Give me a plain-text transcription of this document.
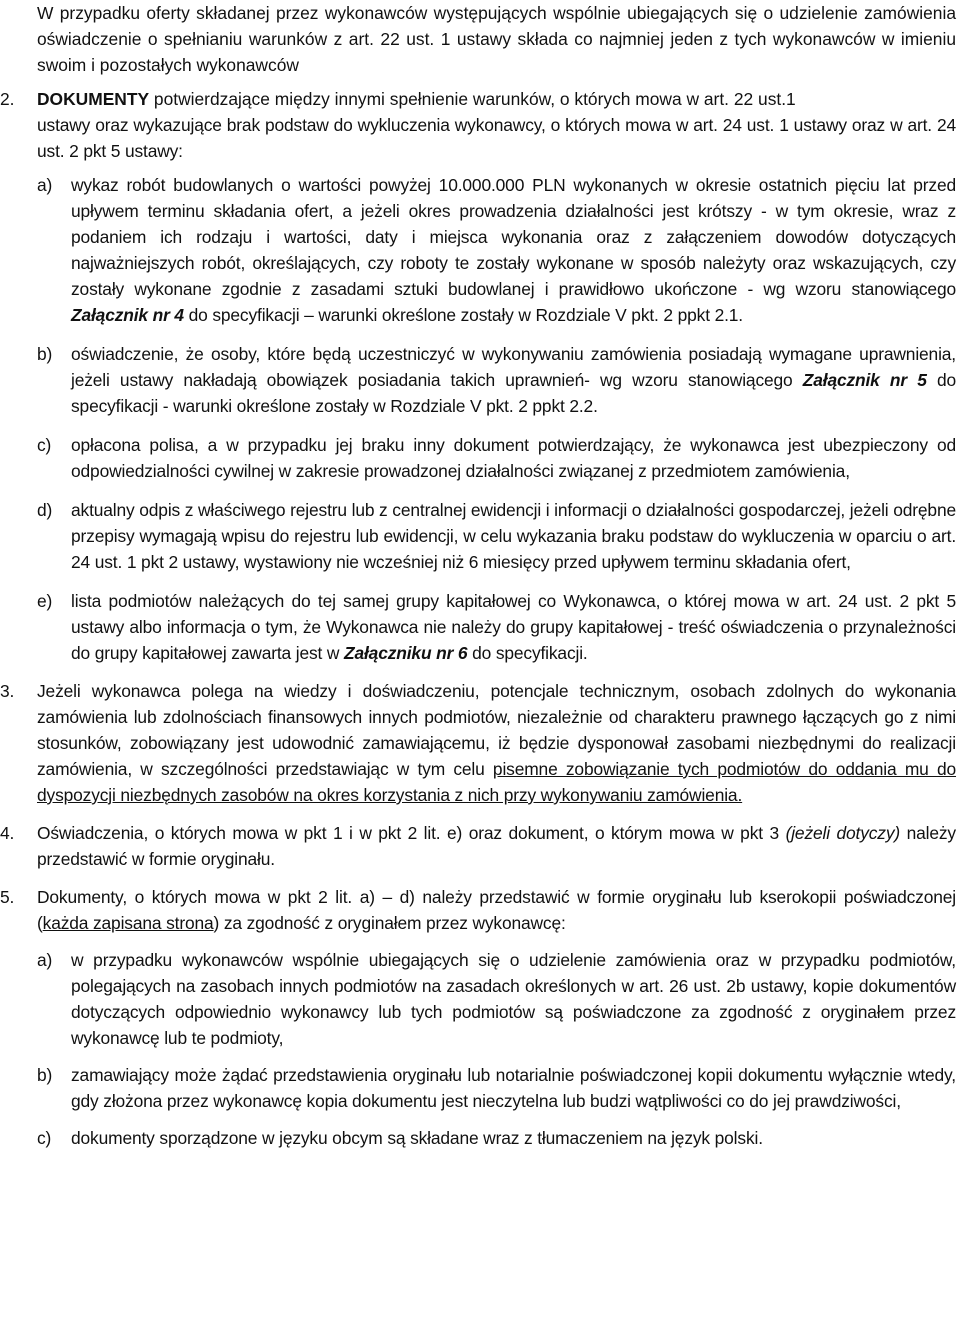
W przypadku oferty składanej przez wykonawców występujących wspólnie ubiegających się o udzielenie zamówienia oświadczenie o spełnianiu warunków z art. 22 ust. 1 ustawy składa co najmniej jeden z tych wykonawców w imieniu swoim i pozostałych wykonawców

2. DOKUMENTY potwierdzające między innymi spełnienie warunków, o których mowa w art. 22 ust.1

ustawy oraz wykazujące brak podstaw do wykluczenia wykonawcy, o których mowa w art. 24 ust. 1 ustawy oraz w art. 24 ust. 2 pkt 5 ustawy:

a) wykaz robót budowlanych o wartości powyżej 10.000.000 PLN wykonanych w okresie ostatnich pięciu lat przed upływem terminu składania ofert, a jeżeli okres prowadzenia działalności jest krótszy - w tym okresie, wraz z podaniem ich rodzaju i wartości, daty i miejsca wykonania oraz z załączeniem dowodów dotyczących najważniejszych robót, określających, czy roboty te zostały wykonane w sposób należyty oraz wskazujących, czy zostały wykonane zgodnie z zasadami sztuki budowlanej i prawidłowo ukończone - wg wzoru stanowiącego Załącznik nr 4 do specyfikacji – warunki określone zostały w Rozdziale V pkt. 2 ppkt 2.1.

b) oświadczenie, że osoby, które będą uczestniczyć w wykonywaniu zamówienia posiadają wymagane uprawnienia, jeżeli ustawy nakładają obowiązek posiadania takich uprawnień- wg wzoru stanowiącego Załącznik nr 5 do specyfikacji - warunki określone zostały w Rozdziale V pkt. 2 ppkt 2.2.

c) opłacona polisa, a w przypadku jej braku inny dokument potwierdzający, że wykonawca jest ubezpieczony od odpowiedzialności cywilnej w zakresie prowadzonej działalności związanej z przedmiotem zamówienia,

d) aktualny odpis z właściwego rejestru lub z centralnej ewidencji i informacji o działalności gospodarczej, jeżeli odrębne przepisy wymagają wpisu do rejestru lub ewidencji, w celu wykazania braku podstaw do wykluczenia w oparciu o art. 24 ust. 1 pkt 2 ustawy, wystawiony nie wcześniej niż 6 miesięcy przed upływem terminu składania ofert,

e) lista podmiotów należących do tej samej grupy kapitałowej co Wykonawca, o której mowa w art. 24 ust. 2 pkt 5 ustawy albo informacja o tym, że Wykonawca nie należy do grupy kapitałowej - treść oświadczenia o przynależności do grupy kapitałowej zawarta jest w Załączniku nr 6 do specyfikacji.

3. Jeżeli wykonawca polega na wiedzy i doświadczeniu, potencjale technicznym, osobach zdolnych do wykonania zamówienia lub zdolnościach finansowych innych podmiotów, niezależnie od charakteru prawnego łączących go z nimi stosunków, zobowiązany jest udowodnić zamawiającemu, iż będzie dysponował zasobami niezbędnymi do realizacji zamówienia, w szczególności przedstawiając w tym celu pisemne zobowiązanie tych podmiotów do oddania mu do dyspozycji niezbędnych zasobów na okres korzystania z nich przy wykonywaniu zamówienia.

4. Oświadczenia, o których mowa w pkt 1 i w pkt 2 lit. e) oraz dokument, o którym mowa w pkt 3 (jeżeli dotyczy) należy przedstawić w formie oryginału.

5. Dokumenty, o których mowa w pkt 2 lit. a) – d) należy przedstawić w formie oryginału lub kserokopii poświadczonej (każda zapisana strona) za zgodność z oryginałem przez wykonawcę:

a) w przypadku wykonawców wspólnie ubiegających się o udzielenie zamówienia oraz w przypadku podmiotów, polegających na zasobach innych podmiotów na zasadach określonych w art. 26 ust. 2b ustawy, kopie dokumentów dotyczących odpowiednio wykonawcy lub tych podmiotów są poświadczone za zgodność z oryginałem przez wykonawcę lub te podmioty,

b) zamawiający może żądać przedstawienia oryginału lub notarialnie poświadczonej kopii dokumentu wyłącznie wtedy, gdy złożona przez wykonawcę kopia dokumentu jest nieczytelna lub budzi wątpliwości co do jej prawdziwości,

c) dokumenty sporządzone w języku obcym są składane wraz z tłumaczeniem na język polski.
